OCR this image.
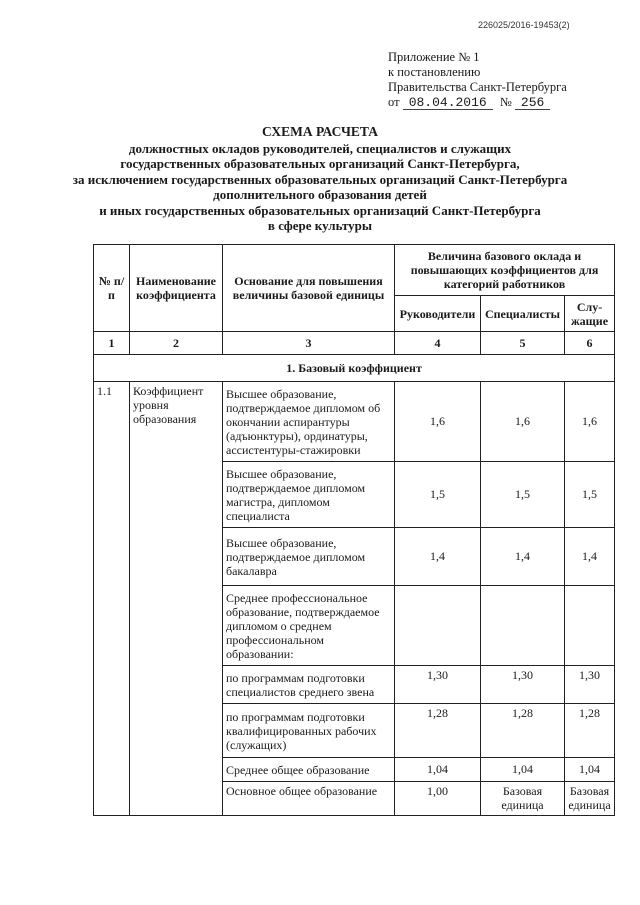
226025/2016-19453(2)
Приложение № 1
к постановлению
Правительства Санкт-Петербурга
от 08.04.2016 № 256
СХЕМА РАСЧЕТА
должностных окладов руководителей, специалистов и служащих
государственных образовательных организаций Санкт-Петербурга,
за исключением государственных образовательных организаций Санкт-Петербурга
дополнительного образования детей
и иных государственных образовательных организаций Санкт-Петербурга
в сфере культуры
№ п/п	Наименование коэффициента	Основание для повышения величины базовой единицы	Величина базового оклада и повышающих коэффициентов для категорий работников		
			Руководители	Специалисты	Слу-жащие
1	2	3	4	5	6
1. Базовый коэффициент					
1.1	Коэффициент уровня образования	Высшее образование, подтверждаемое дипломом об окончании аспирантуры (адъюнктуры), ординатуры, ассистентуры-стажировки	1,6	1,6	1,6
		Высшее образование, подтверждаемое дипломом магистра, дипломом специалиста	1,5	1,5	1,5
		Высшее образование, подтверждаемое дипломом бакалавра	1,4	1,4	1,4
		Среднее профессиональное образование, подтверждаемое дипломом о среднем профессиональном образовании:			
		по программам подготовки специалистов среднего звена	1,30	1,30	1,30
		по программам подготовки квалифицированных рабочих (служащих)	1,28	1,28	1,28
		Среднее общее образование	1,04	1,04	1,04
		Основное общее образование	1,00	Базовая единица	Базовая единица
